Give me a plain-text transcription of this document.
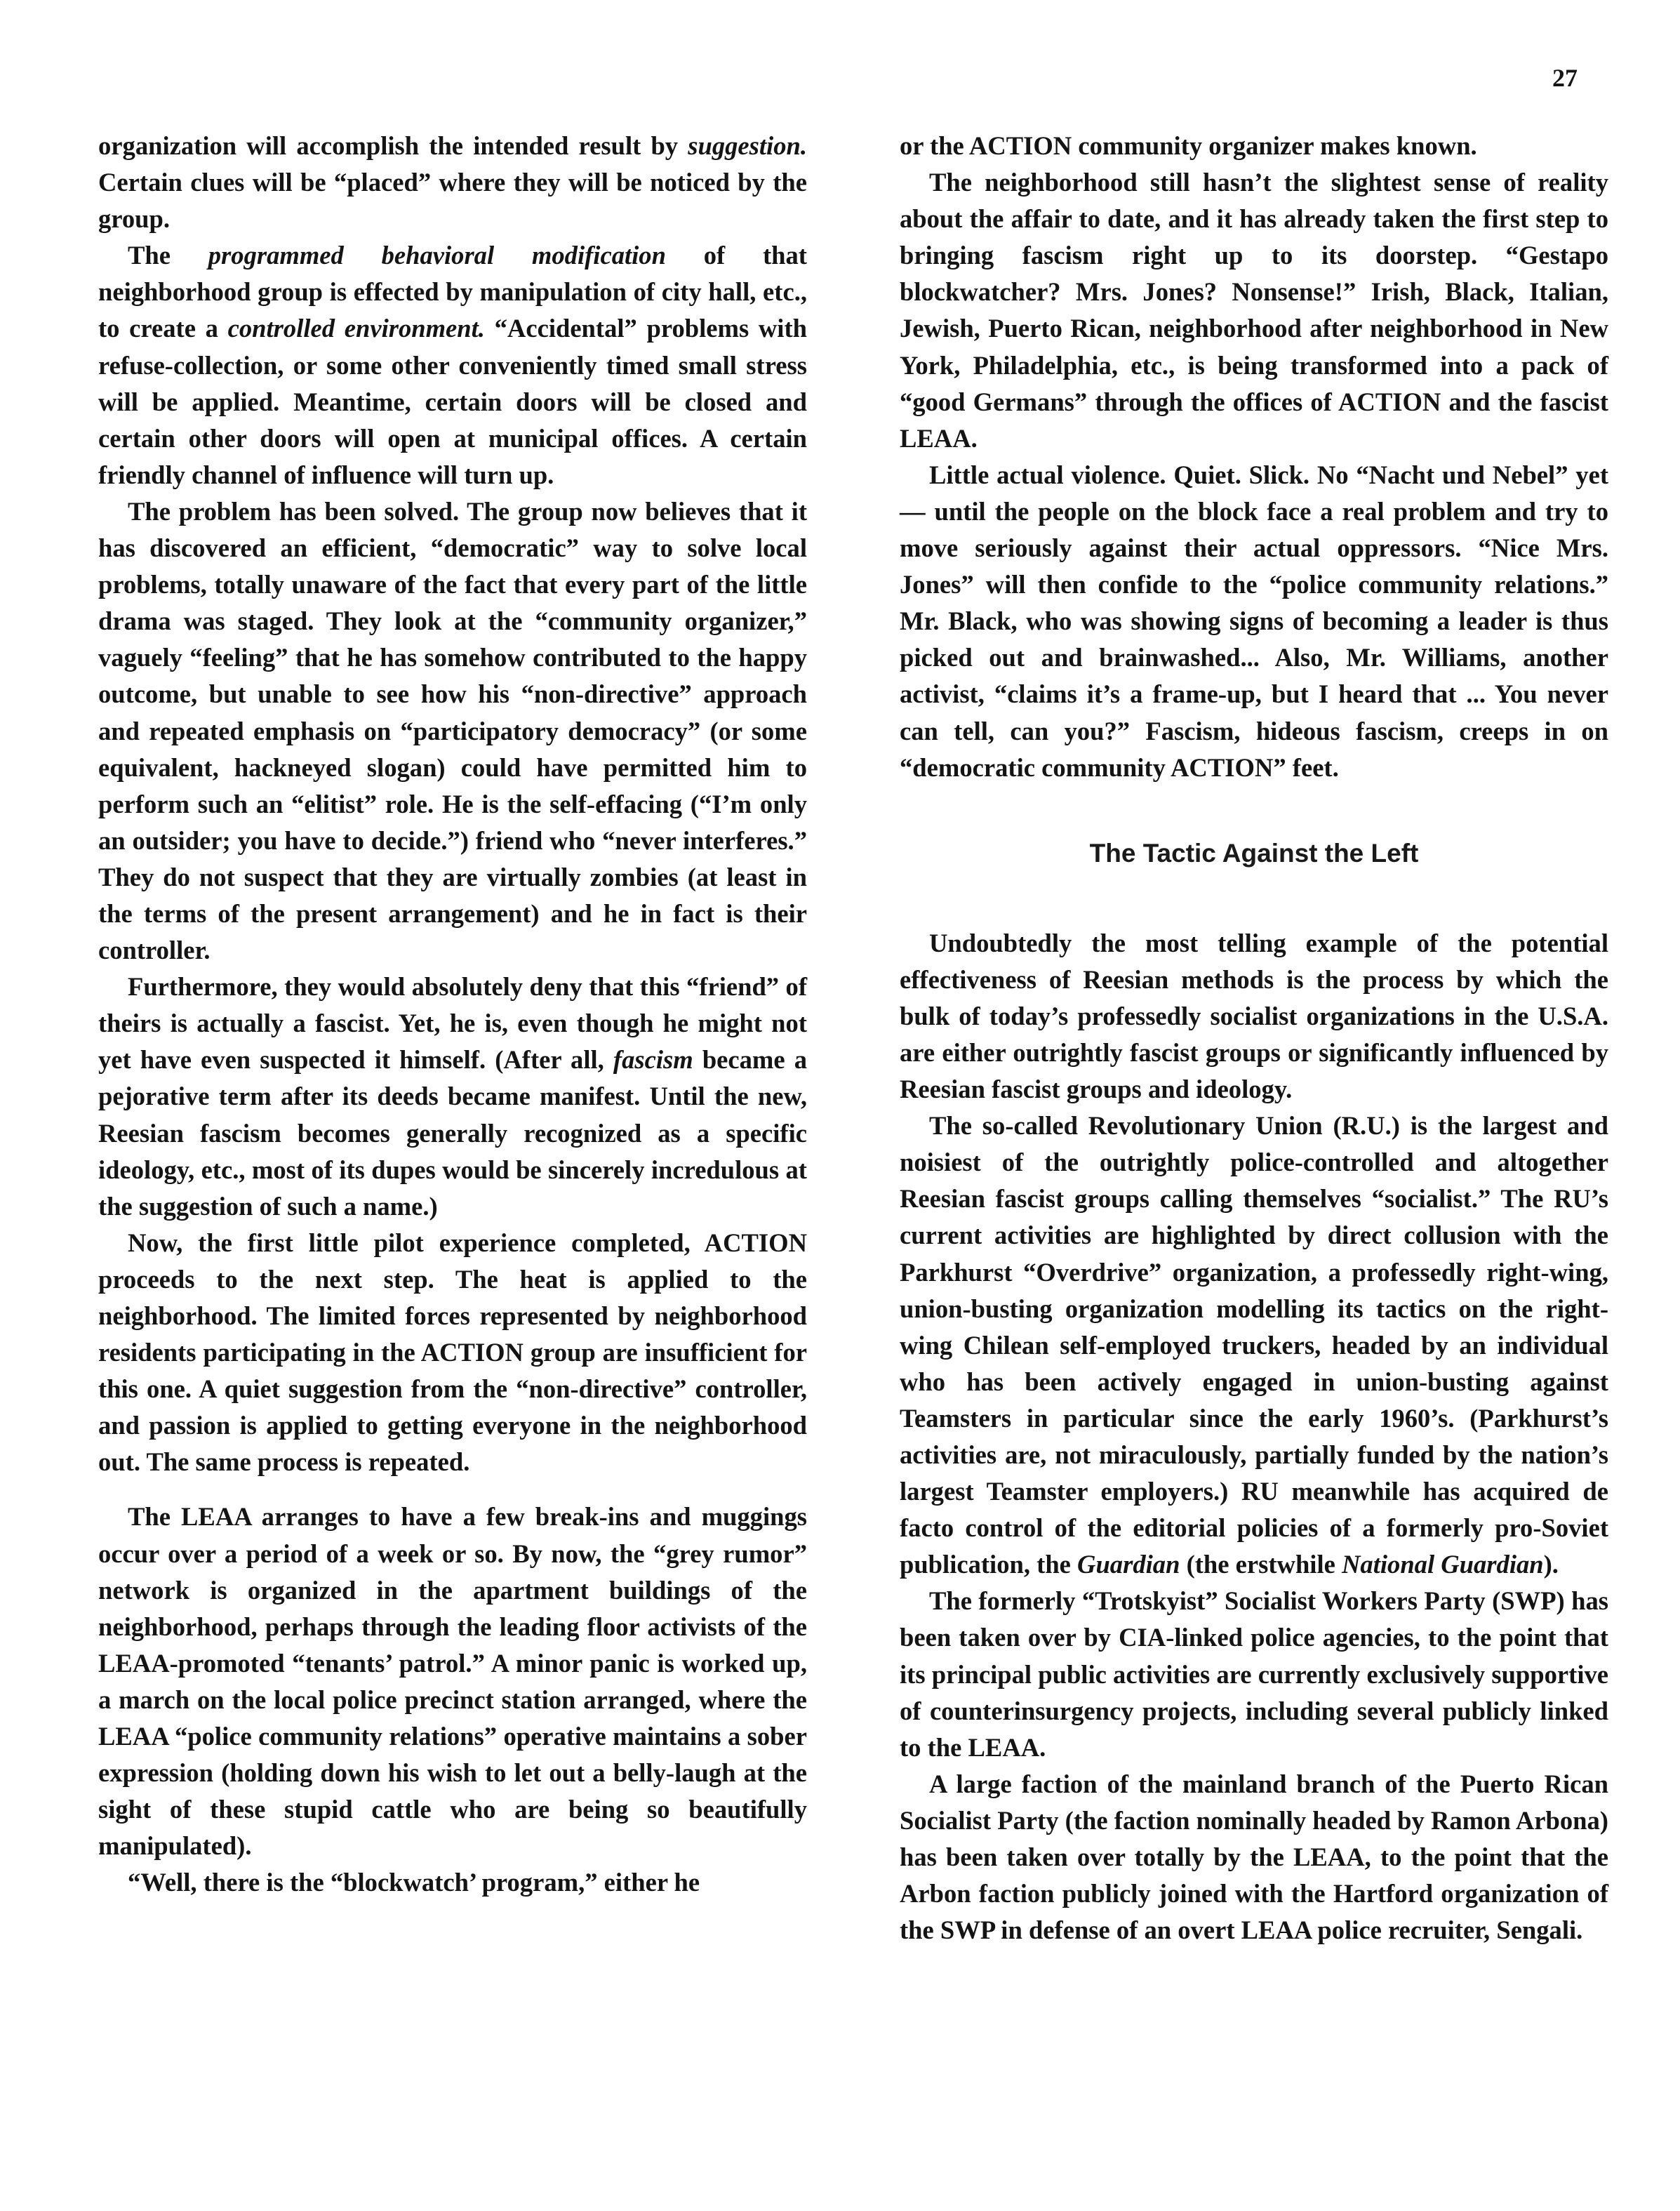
27

organization will accomplish the intended result by suggestion. Certain clues will be “placed” where they will be noticed by the group.

The programmed behavioral modification of that neighborhood group is effected by manipulation of city hall, etc., to create a controlled environment. “Accidental” problems with refuse-collection, or some other conveniently timed small stress will be applied. Meantime, certain doors will be closed and certain other doors will open at municipal offices. A certain friendly channel of influence will turn up.

The problem has been solved. The group now believes that it has discovered an efficient, “democratic” way to solve local problems, totally unaware of the fact that every part of the little drama was staged. They look at the “community organizer,” vaguely “feeling” that he has somehow contributed to the happy outcome, but unable to see how his “non-directive” approach and repeated emphasis on “participatory democracy” (or some equivalent, hackneyed slogan) could have permitted him to perform such an “elitist” role. He is the self-effacing (“I’m only an outsider; you have to decide.”) friend who “never interferes.” They do not suspect that they are virtually zombies (at least in the terms of the present arrangement) and he in fact is their controller.

Furthermore, they would absolutely deny that this “friend” of theirs is actually a fascist. Yet, he is, even though he might not yet have even suspected it himself. (After all, fascism became a pejorative term after its deeds became manifest. Until the new, Reesian fascism becomes generally recognized as a specific ideology, etc., most of its dupes would be sincerely incredulous at the suggestion of such a name.)

Now, the first little pilot experience completed, ACTION proceeds to the next step. The heat is applied to the neighborhood. The limited forces represented by neighborhood residents participating in the ACTION group are insufficient for this one. A quiet suggestion from the “non-directive” controller, and passion is applied to getting everyone in the neighborhood out. The same process is repeated.

The LEAA arranges to have a few break-ins and muggings occur over a period of a week or so. By now, the “grey rumor” network is organized in the apartment buildings of the neighborhood, perhaps through the leading floor activists of the LEAA-promoted “tenants’ patrol.” A minor panic is worked up, a march on the local police precinct station arranged, where the LEAA “police community relations” operative maintains a sober expression (holding down his wish to let out a belly-laugh at the sight of these stupid cattle who are being so beautifully manipulated).

“Well, there is the “blockwatch’ program,” either he

or the ACTION community organizer makes known.

The neighborhood still hasn’t the slightest sense of reality about the affair to date, and it has already taken the first step to bringing fascism right up to its doorstep. “Gestapo blockwatcher? Mrs. Jones? Nonsense!” Irish, Black, Italian, Jewish, Puerto Rican, neighborhood after neighborhood in New York, Philadelphia, etc., is being transformed into a pack of “good Germans” through the offices of ACTION and the fascist LEAA.

Little actual violence. Quiet. Slick. No “Nacht und Nebel” yet — until the people on the block face a real problem and try to move seriously against their actual oppressors. “Nice Mrs. Jones” will then confide to the “police community relations.” Mr. Black, who was showing signs of becoming a leader is thus picked out and brainwashed... Also, Mr. Williams, another activist, “claims it’s a frame-up, but I heard that ... You never can tell, can you?” Fascism, hideous fascism, creeps in on “democratic community ACTION” feet.

The Tactic Against the Left

Undoubtedly the most telling example of the potential effectiveness of Reesian methods is the process by which the bulk of today’s professedly socialist organizations in the U.S.A. are either outrightly fascist groups or significantly influenced by Reesian fascist groups and ideology.

The so-called Revolutionary Union (R.U.) is the largest and noisiest of the outrightly police-controlled and altogether Reesian fascist groups calling themselves “socialist.” The RU’s current activities are highlighted by direct collusion with the Parkhurst “Overdrive” organization, a professedly right-wing, union-busting organization modelling its tactics on the right-wing Chilean self-employed truckers, headed by an individual who has been actively engaged in union-busting against Teamsters in particular since the early 1960’s. (Parkhurst’s activities are, not miraculously, partially funded by the nation’s largest Teamster employers.) RU meanwhile has acquired de facto control of the editorial policies of a formerly pro-Soviet publication, the Guardian (the erstwhile National Guardian).

The formerly “Trotskyist” Socialist Workers Party (SWP) has been taken over by CIA-linked police agencies, to the point that its principal public activities are currently exclusively supportive of counterinsurgency projects, including several publicly linked to the LEAA.

A large faction of the mainland branch of the Puerto Rican Socialist Party (the faction nominally headed by Ramon Arbona) has been taken over totally by the LEAA, to the point that the Arbon faction publicly joined with the Hartford organization of the SWP in defense of an overt LEAA police recruiter, Sengali.
